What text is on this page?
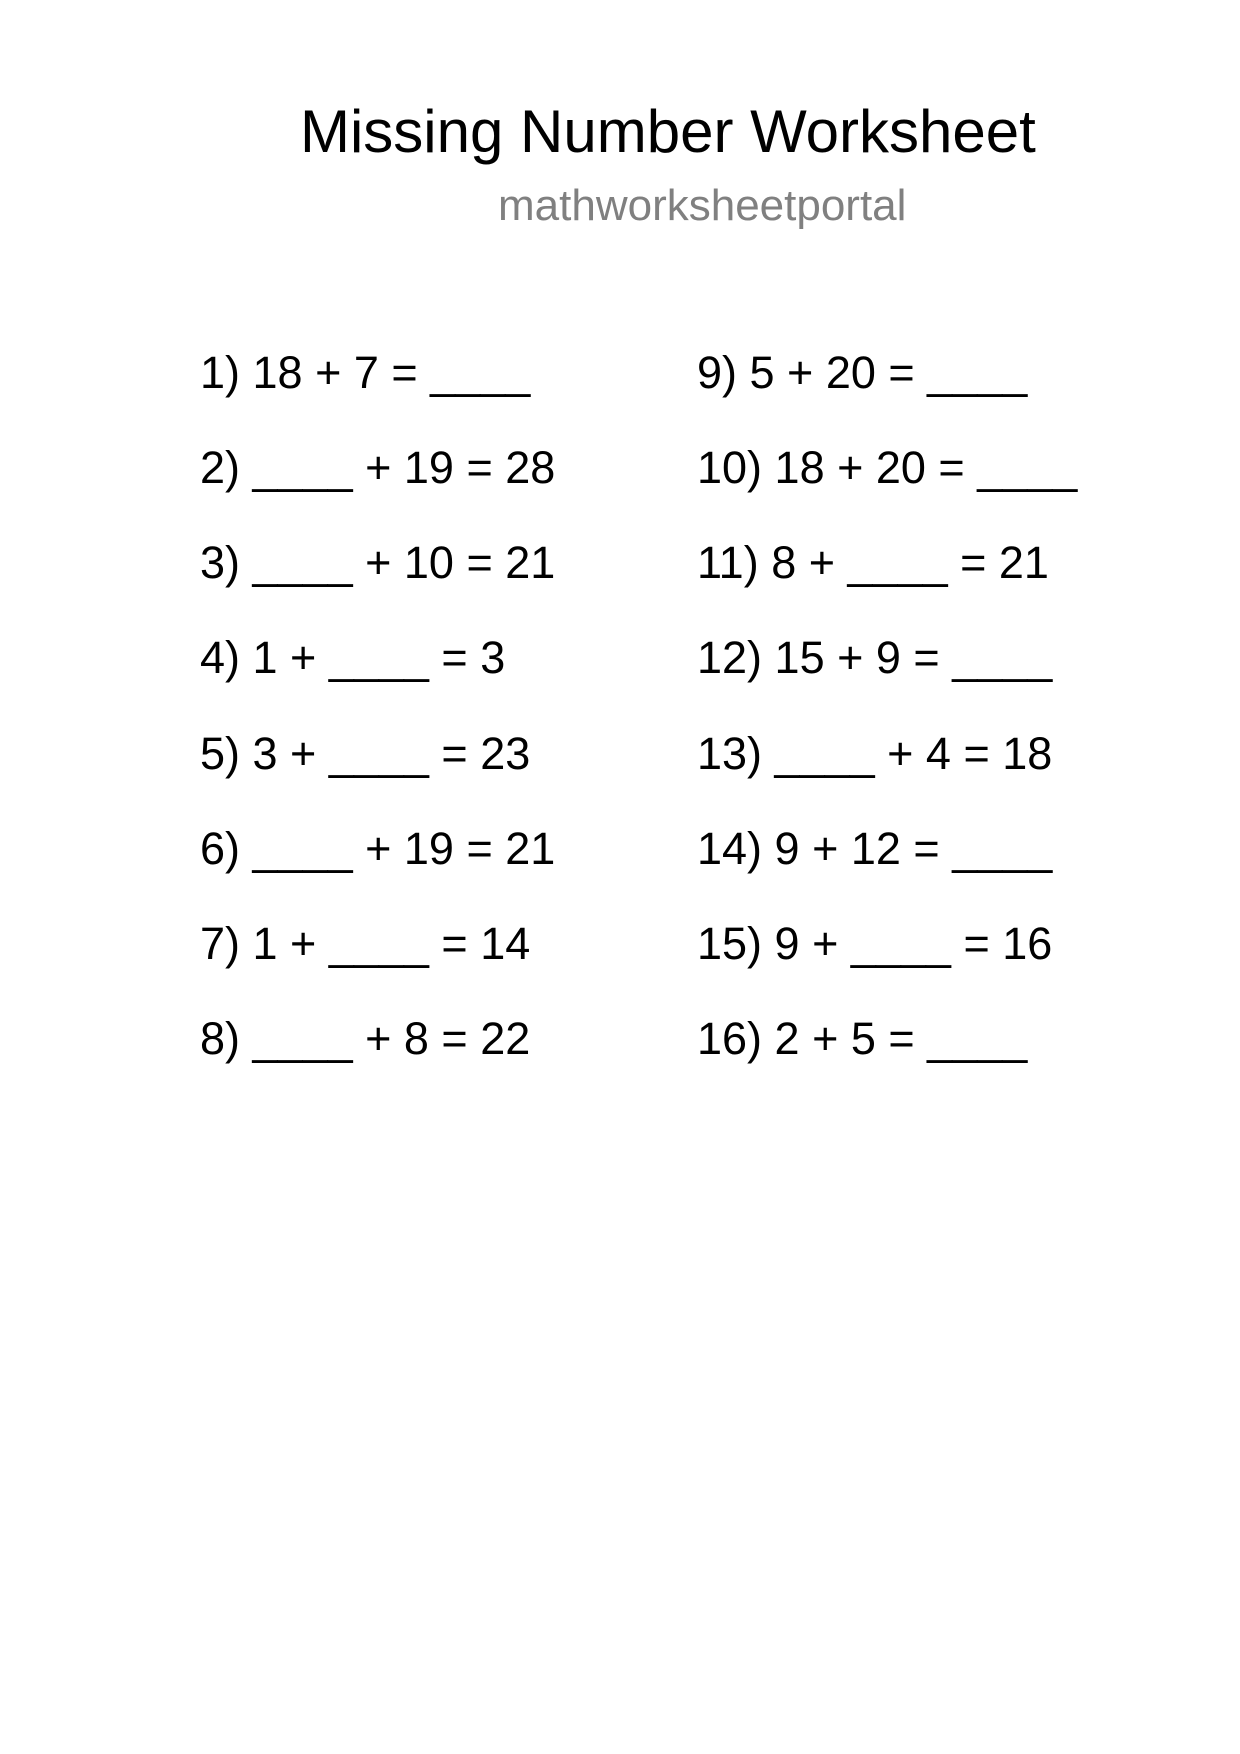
Missing Number Worksheet
mathworksheetportal
1) 18 + 7 = ____
2) ____ + 19 = 28
3) ____ + 10 = 21
4) 1 + ____ = 3
5) 3 + ____ = 23
6) ____ + 19 = 21
7) 1 + ____ = 14
8) ____ + 8 = 22
9) 5 + 20 = ____
10) 18 + 20 = ____
11) 8 + ____ = 21
12) 15 + 9 = ____
13) ____ + 4 = 18
14) 9 + 12 = ____
15) 9 + ____ = 16
16) 2 + 5 = ____
